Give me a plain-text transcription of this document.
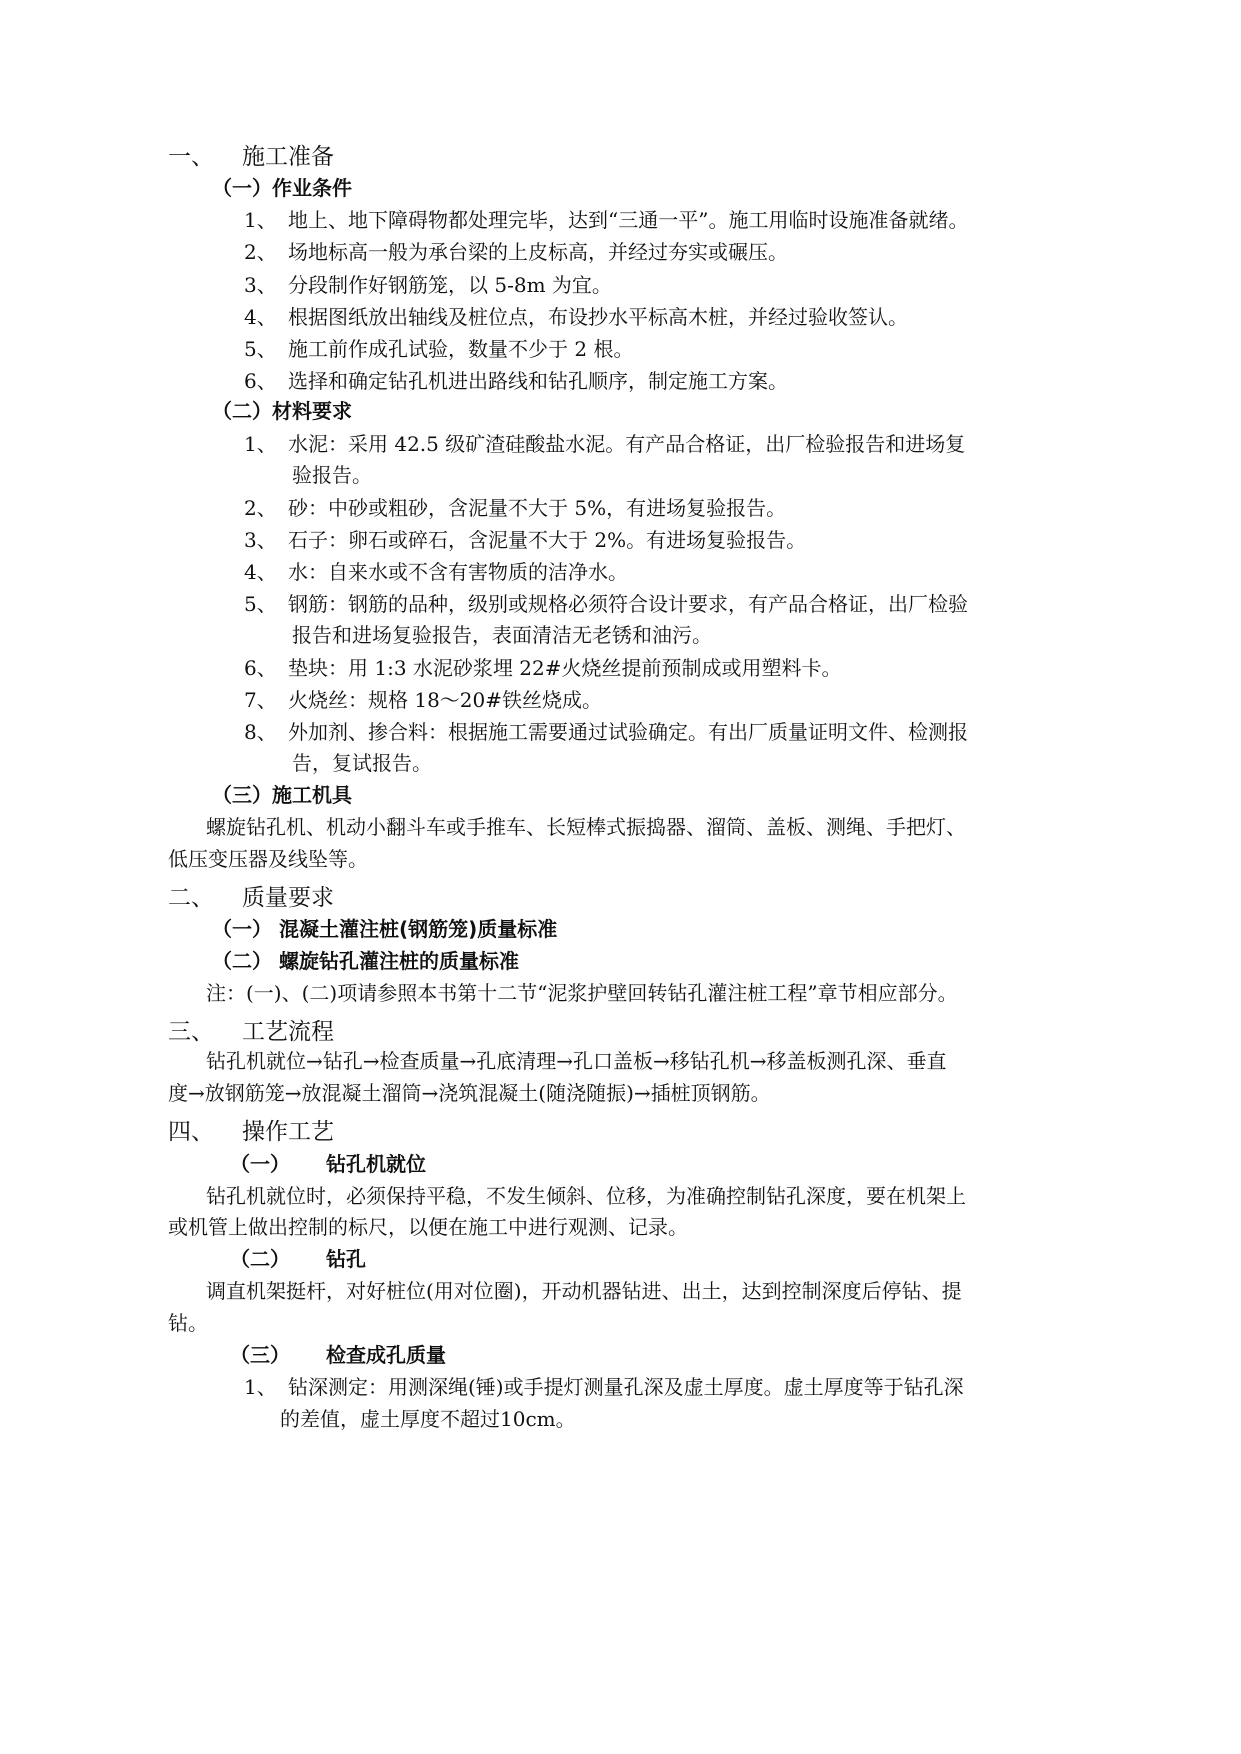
一、 施工准备
（一）作业条件
1、 地上、地下障碍物都处理完毕，达到“三通一平”。施工用临时设施准备就绪。
2、 场地标高一般为承台梁的上皮标高，并经过夯实或碾压。
3、 分段制作好钢筋笼，以 5-8m 为宜。
4、 根据图纸放出轴线及桩位点，布设抄水平标高木桩，并经过验收签认。
5、 施工前作成孔试验，数量不少于 2 根。
6、 选择和确定钻孔机进出路线和钻孔顺序，制定施工方案。
（二）材料要求
1、 水泥：采用 42.5 级矿渣硅酸盐水泥。有产品合格证，出厂检验报告和进场复
验报告。
2、 砂：中砂或粗砂，含泥量不大于 5%，有进场复验报告。
3、 石子：卵石或碎石，含泥量不大于 2%。有进场复验报告。
4、 水：自来水或不含有害物质的洁净水。
5、 钢筋：钢筋的品种，级别或规格必须符合设计要求，有产品合格证，出厂检验
报告和进场复验报告，表面清洁无老锈和油污。
6、 垫块：用 1:3 水泥砂浆埋 22#火烧丝提前预制成或用塑料卡。
7、 火烧丝：规格 18～20#铁丝烧成。
8、 外加剂、掺合料：根据施工需要通过试验确定。有出厂质量证明文件、检测报
告，复试报告。
（三）施工机具
螺旋钻孔机、机动小翻斗车或手推车、长短棒式振捣器、溜筒、盖板、测绳、手把灯、
低压变压器及线坠等。
二、 质量要求
（一） 混凝土灌注桩(钢筋笼)质量标准
（二） 螺旋钻孔灌注桩的质量标准
注：(一)、(二)项请参照本书第十二节“泥浆护壁回转钻孔灌注桩工程”章节相应部分。
三、 工艺流程
钻孔机就位→钻孔→检查质量→孔底清理→孔口盖板→移钻孔机→移盖板测孔深、垂直
度→放钢筋笼→放混凝土溜筒→浇筑混凝土(随浇随振)→插桩顶钢筋。
四、 操作工艺
（一） 钻孔机就位
钻孔机就位时，必须保持平稳，不发生倾斜、位移，为准确控制钻孔深度，要在机架上
或机管上做出控制的标尺，以便在施工中进行观测、记录。
（二） 钻孔
调直机架挺杆，对好桩位(用对位圈)，开动机器钻进、出土，达到控制深度后停钻、提
钻。
（三） 检查成孔质量
1、 钻深测定：用测深绳(锤)或手提灯测量孔深及虚土厚度。虚土厚度等于钻孔深
的差值，虚土厚度不超过10cm。
